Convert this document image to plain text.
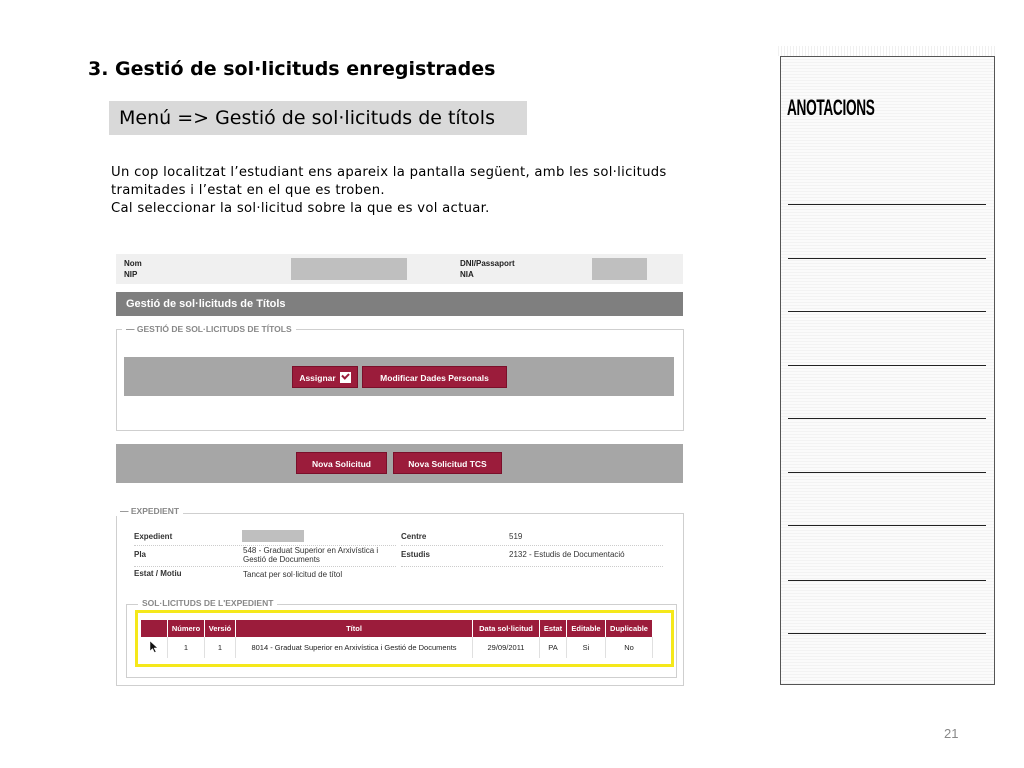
3. Gestió de sol·licituds enregistrades
Menú => Gestió de sol·licituds de títols
Un cop localitzat l’estudiant ens apareix la pantalla següent, amb les sol·licituds
tramitades i l’estat en el que es troben.
Cal seleccionar la sol·licitud sobre la que es vol actuar.
Nom
NIP
DNI/Passaport
NIA
Gestió de sol·licituds de Títols
— GESTIÓ DE SOL·LICITUDS DE TÍTOLS
Assignar	Modificar Dades Personals
Nova Solicitud	Nova Solicitud TCS
— EXPEDIENT
Expedient
Pla	548 - Graduat Superior en Arxivística i
Gestió de Documents
Estat / Motiu	Tancat per sol·licitud de títol
Centre	519
Estudis	2132 - Estudis de Documentació
SOL·LICITUDS DE L'EXPEDIENT
	Número	Versió	Títol	Data sol·licitud	Estat	Editable	Duplicable
	1	1	8014 - Graduat Superior en Arxivística i Gestió de Documents	29/09/2011	PA	Si	No
ANOTACIONS
21
